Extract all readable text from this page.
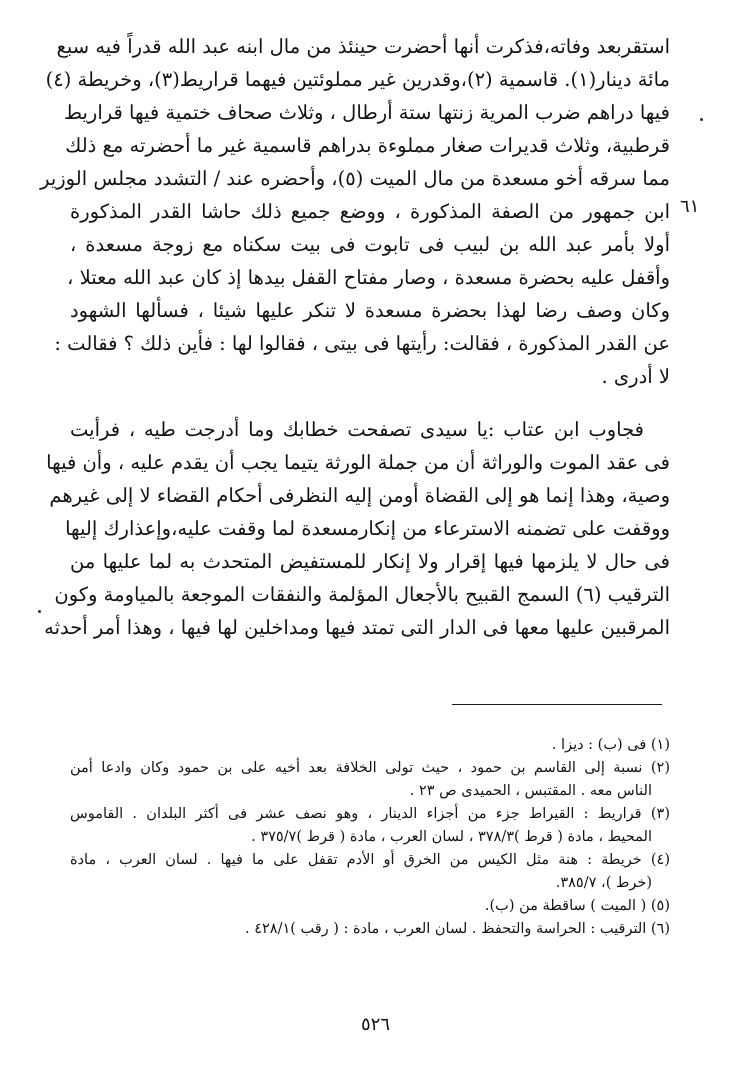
٦١
استقربعد وفاته،فذكرت أنها أحضرت حينئذ من مال ابنه عبد الله قدراً فيه سبع
مائة دينار(١). قاسمية (٢)،وقدرين غير مملوئتين فيهما قراريط(٣)، وخريطة (٤)
فيها دراهم ضرب المرية زنتها ستة أرطال ، وثلاث صحاف ختمية فيها قراريط
قرطبية، وثلاث قديرات صغار مملوءة بدراهم قاسمية غير ما أحضرته مع ذلك
مما سرقه أخو مسعدة من مال الميت (٥)، وأحضره عند / التشدد مجلس الوزير
ابن جمهور من الصفة المذكورة ، ووضع جميع ذلك حاشا القدر المذكورة
أولا بأمر عبد الله بن لبيب فى تابوت فى بيت سكناه مع زوجة مسعدة ،
وأقفل عليه بحضرة مسعدة ، وصار مفتاح القفل بيدها إذ كان عبد الله معتلا ،
وكان وصف رضا لهذا بحضرة مسعدة لا تنكر عليها شيئا ، فسألها الشهود
عن القدر المذكورة ، فقالت: رأيتها فى بيتى ، فقالوا لها : فأين ذلك ؟ فقالت :
لا أدرى .
فجاوب ابن عتاب :يا سيدى تصفحت خطابك وما أدرجت طيه ، فرأيت
فى عقد الموت والوراثة أن من جملة الورثة يتيما يجب أن يقدم عليه ، وأن فيها
وصية، وهذا إنما هو إلى القضاة أومن إليه النظرفى أحكام القضاء لا إلى غيرهم
ووقفت على تضمنه الاسترعاء من إنكارمسعدة لما وقفت عليه،وإعذارك إليها
فى حال لا يلزمها فيها إقرار ولا إنكار للمستفيض المتحدث به لما عليها من
الترقيب (٦) السمج القبيح بالأجعال المؤلمة والنفقات الموجعة بالمياومة وكون
المرقبين عليها معها فى الدار التى تمتد فيها ومداخلين لها فيها ، وهذا أمر أحدثه
(١) فى (ب) : ديزا .
(٢) نسبة إلى القاسم بن حمود ، حيث تولى الخلافة بعد أخيه على بن حمود وكان وادعا أمن
الناس معه . المقتبس ، الحميدى ص ٢٣ .
(٣) قراريط : القيراط جزء من أجزاء الدينار ، وهو نصف عشر فى أكثر البلدان . القاموس
المحيط ، مادة ( قرط )٣٧٨/٣ ، لسان العرب ، مادة ( قرط )٣٧٥/٧ .
(٤) خريطة : هنة مثل الكيس من الخرق أو الأدم تقفل على ما فيها . لسان العرب ، مادة
(خرط )، ٣٨٥/٧.
(٥) ( الميت ) ساقطة من (ب).
(٦) الترقيب : الحراسة والتحفظ . لسان العرب ، مادة : ( رقب )٤٢٨/١ .
٥٢٦
